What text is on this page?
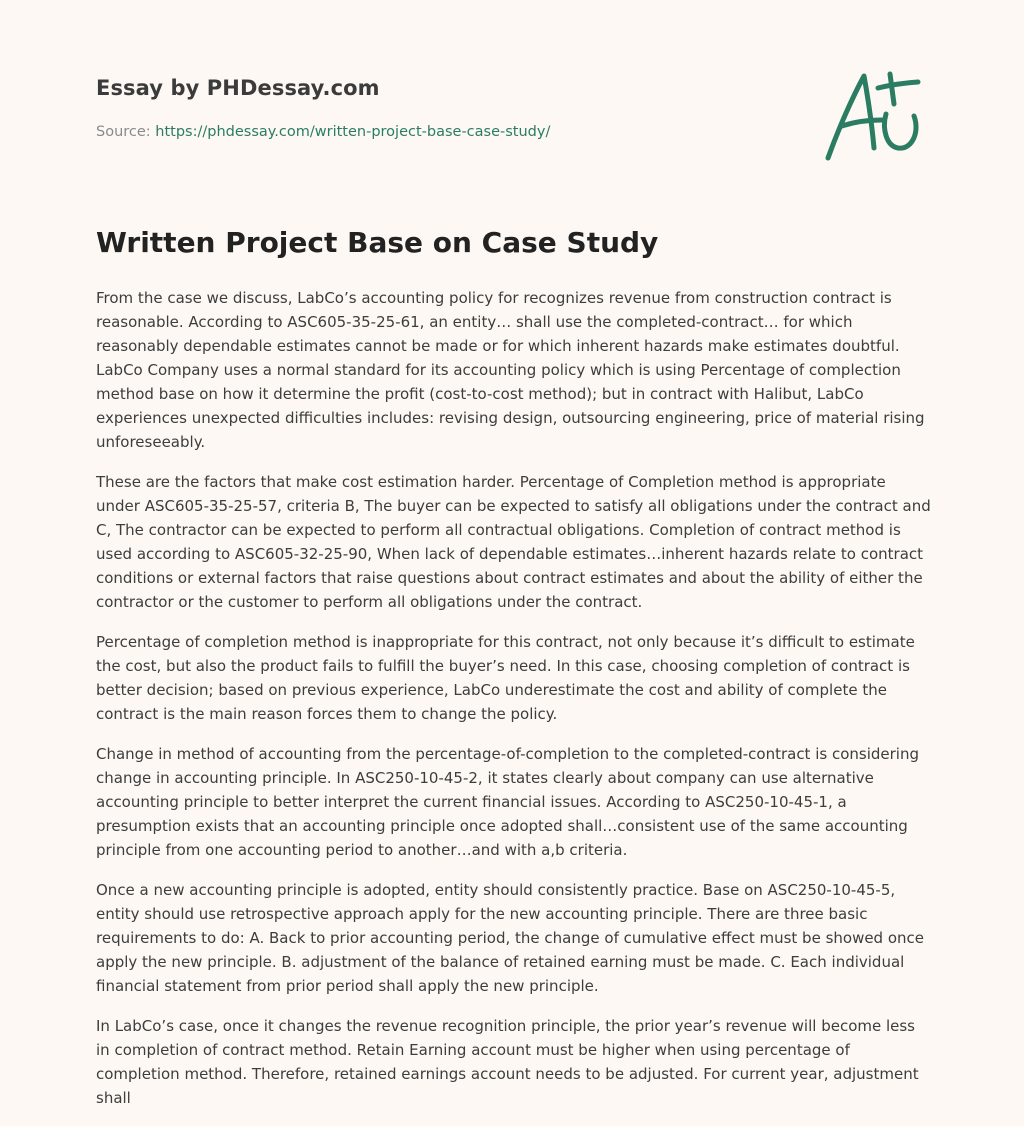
Essay by PHDessay.com
Source: https://phdessay.com/written-project-base-case-study/
Written Project Base on Case Study

From the case we discuss, LabCo’s accounting policy for recognizes revenue from construction contract is reasonable. According to ASC605-35-25-61, an entity… shall use the completed-contract… for which reasonably dependable estimates cannot be made or for which inherent hazards make estimates doubtful. LabCo Company uses a normal standard for its accounting policy which is using Percentage of complection method base on how it determine the profit (cost-to-cost method); but in contract with Halibut, LabCo experiences unexpected difficulties includes: revising design, outsourcing engineering, price of material rising unforeseeably.

These are the factors that make cost estimation harder. Percentage of Completion method is appropriate under ASC605-35-25-57, criteria B, The buyer can be expected to satisfy all obligations under the contract and C, The contractor can be expected to perform all contractual obligations. Completion of contract method is used according to ASC605-32-25-90, When lack of dependable estimates…inherent hazards relate to contract conditions or external factors that raise questions about contract estimates and about the ability of either the contractor or the customer to perform all obligations under the contract.

Percentage of completion method is inappropriate for this contract, not only because it’s difficult to estimate the cost, but also the product fails to fulfill the buyer’s need. In this case, choosing completion of contract is better decision; based on previous experience, LabCo underestimate the cost and ability of complete the contract is the main reason forces them to change the policy.

Change in method of accounting from the percentage-of-completion to the completed-contract is considering change in accounting principle. In ASC250-10-45-2, it states clearly about company can use alternative accounting principle to better interpret the current financial issues. According to ASC250-10-45-1, a presumption exists that an accounting principle once adopted shall…consistent use of the same accounting principle from one accounting period to another…and with a,b criteria.

Once a new accounting principle is adopted, entity should consistently practice. Base on ASC250-10-45-5, entity should use retrospective approach apply for the new accounting principle. There are three basic requirements to do: A. Back to prior accounting period, the change of cumulative effect must be showed once apply the new principle. B. adjustment of the balance of retained earning must be made. C. Each individual financial statement from prior period shall apply the new principle.

In LabCo’s case, once it changes the revenue recognition principle, the prior year’s revenue will become less in completion of contract method. Retain Earning account must be higher when using percentage of completion method. Therefore, retained earnings account needs to be adjusted. For current year, adjustment shall
